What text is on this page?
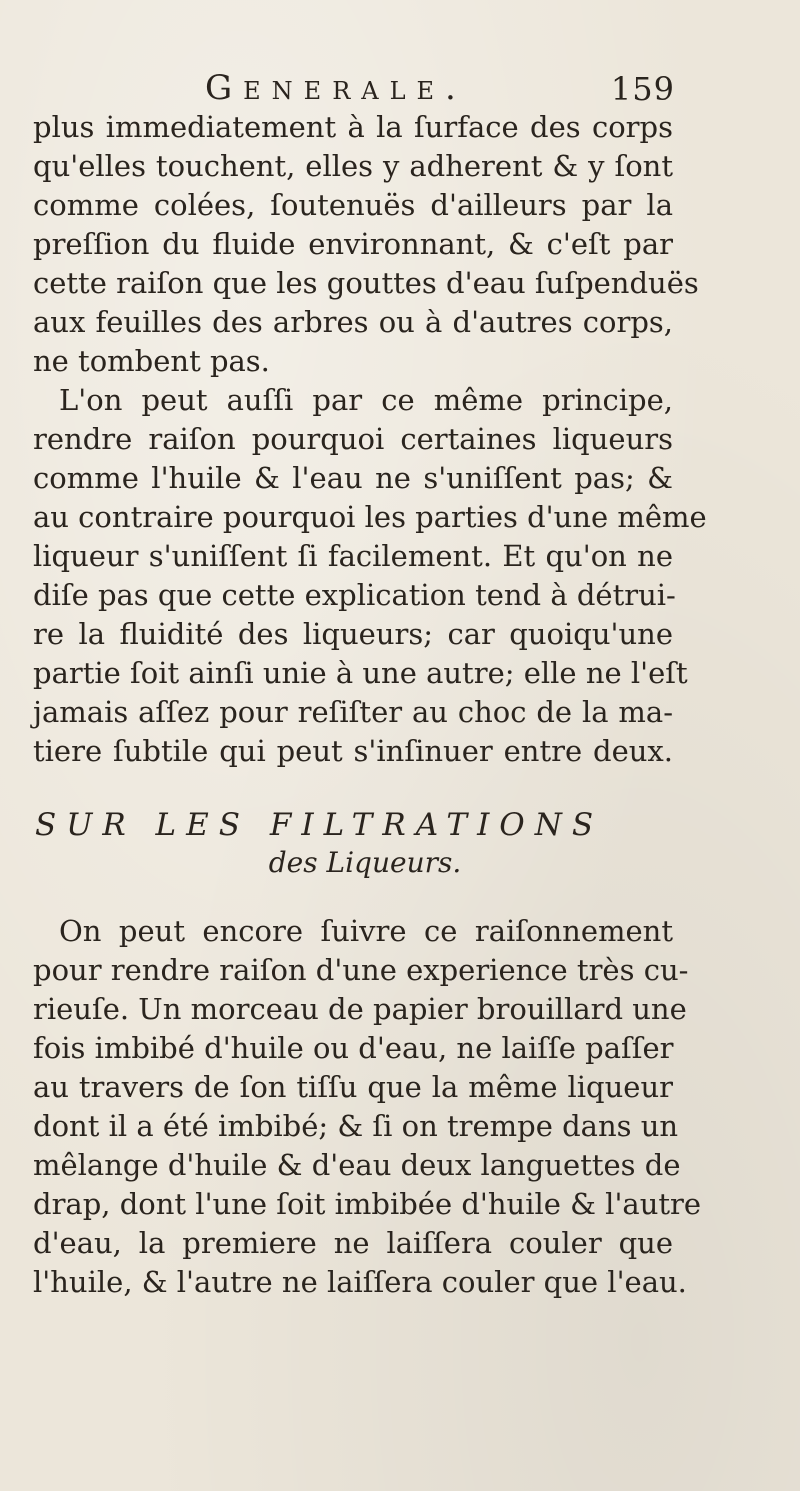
Generale.	159
plus immediatement à la ſurface des corps
qu'elles touchent, elles y adherent & y ſont
comme colées, ſoutenuës d'ailleurs par la
preſſion du fluide environnant, & c'eſt par
cette raiſon que les gouttes d'eau ſuſpenduës
aux feuilles des arbres ou à d'autres corps,
ne tombent pas.
L'on peut auſſi par ce même principe,
rendre raiſon pourquoi certaines liqueurs
comme l'huile & l'eau ne s'uniſſent pas; &
au contraire pourquoi les parties d'une même
liqueur s'uniſſent ſi facilement. Et qu'on ne
diſe pas que cette explication tend à détrui-
re la fluidité des liqueurs; car quoiqu'une
partie ſoit ainſi unie à une autre; elle ne l'eſt
jamais aſſez pour reſiſter au choc de la ma-
tiere ſubtile qui peut s'inſinuer entre deux.
SUR LES FILTRATIONS
des Liqueurs.
On peut encore ſuivre ce raiſonnement
pour rendre raiſon d'une experience très cu-
rieuſe. Un morceau de papier brouillard une
fois imbibé d'huile ou d'eau, ne laiſſe paſſer
au travers de ſon tiſſu que la même liqueur
dont il a été imbibé; & ſi on trempe dans un
mêlange d'huile & d'eau deux languettes de
drap, dont l'une ſoit imbibée d'huile & l'autre
d'eau, la premiere ne laiſſera couler que
l'huile, & l'autre ne laiſſera couler que l'eau.
